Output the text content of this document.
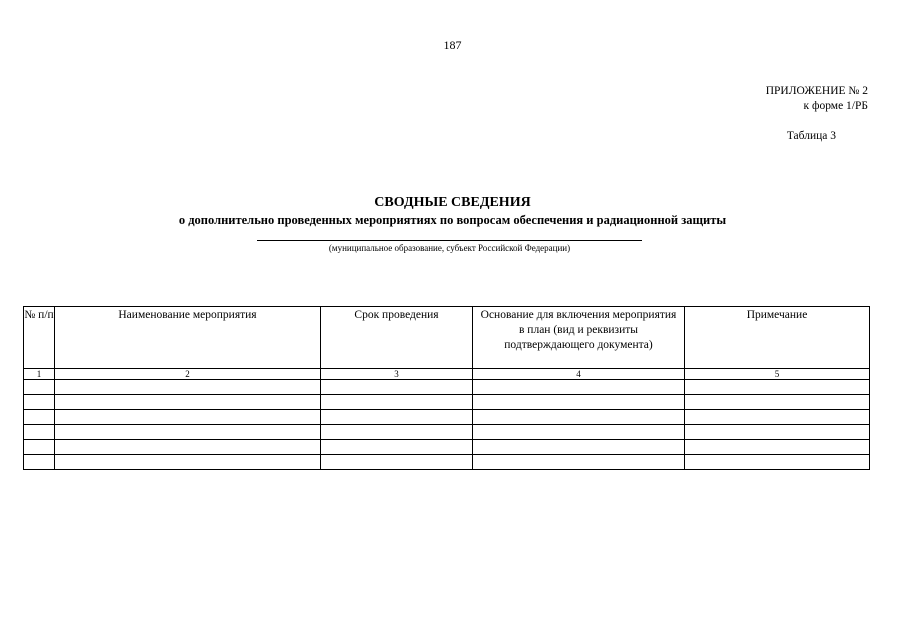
187
ПРИЛОЖЕНИЕ № 2
к форме 1/РБ
Таблица 3
СВОДНЫЕ СВЕДЕНИЯ
о дополнительно проведенных мероприятиях по вопросам обеспечения и радиационной защиты
(муниципальное образование, субъект Российской Федерации)
№ п/п	Наименование мероприятия	Срок проведения	Основание для включения мероприятия в план (вид и реквизиты подтверждающего документа)	Примечание
1	2	3	4	5
